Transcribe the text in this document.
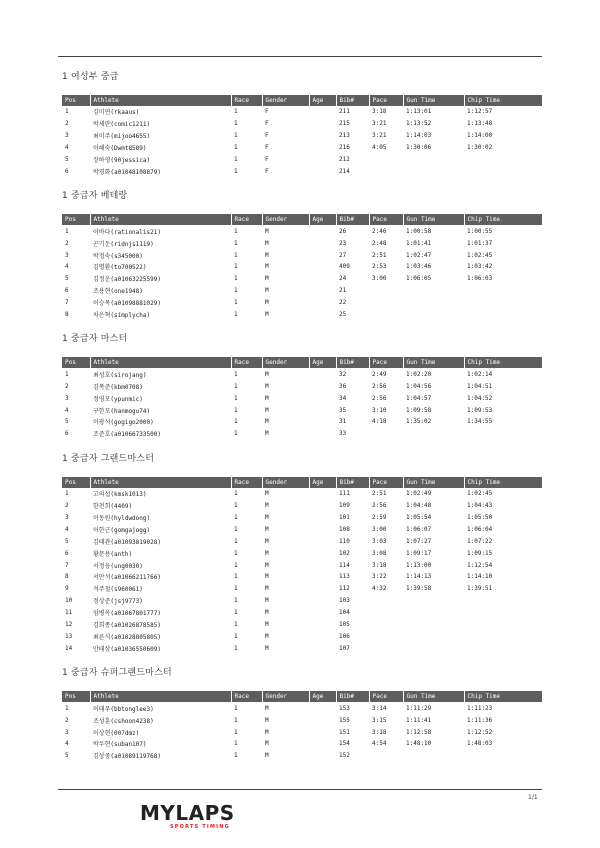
1 여성부 중급
Pos	Athlete	Race	Gender	Age	Bib#	Pace	Gun Time	Chip Time
1	김미연(rkaaus)	1	F		211	3:18	1:13:01	1:12:57
2	박세란(comic1211)	1	F		215	3:21	1:13:52	1:13:48
3	최미주(mijoo4655)	1	F		213	3:21	1:14:03	1:14:00
4	이혜숙(Dwmt8589)	1	F		216	4:05	1:30:06	1:30:02
5	장하영(90jessica)	1	F		212			
6	박경화(a01048108879)	1	F		214			
1 중급자 베테랑
Pos	Athlete	Race	Gender	Age	Bib#	Pace	Gun Time	Chip Time
1	이바다(rationalis21)	1	M		26	2:46	1:00:58	1:00:55
2	곤기둔(ridnjs1119)	1	M		23	2:48	1:01:41	1:01:37
3	박정숙(s345000)	1	M		27	2:51	1:02:47	1:02:45
4	김명환(to700522)	1	M		409	2:53	1:03:46	1:03:42
5	김정운(a01063225599)	1	M		24	3:00	1:06:05	1:06:03
6	조용현(one1948)	1	M		21			
7	이승목(a01098881029)	1	M		22			
8	차은혁(simplycha)	1	M		25			
1 중급자 마스터
Pos	Athlete	Race	Gender	Age	Bib#	Pace	Gun Time	Chip Time
1	최성호(sirojang)	1	M		32	2:49	1:02:20	1:02:14
2	김폭준(kbm0708)	1	M		36	2:56	1:04:56	1:04:51
3	정영모(ypunmic)	1	M		34	2:56	1:04:57	1:04:52
4	구한모(hanmogu74)	1	M		35	3:10	1:09:58	1:09:53
5	이광석(gogigo2000)	1	M		31	4:18	1:35:02	1:34:55
6	조준호(a01066733500)	1	M		33			
1 중급자 그랜드마스터
Pos	Athlete	Race	Gender	Age	Bib#	Pace	Gun Time	Chip Time
1	고의섭(kmsk1013)	1	M		111	2:51	1:02:49	1:02:45
2	한천희(4409)	1	M		109	2:56	1:04:48	1:04:43
3	이동원(hyldwdong)	1	M		101	2:59	1:05:54	1:05:50
4	이한근(gomgajogg)	1	M		108	3:00	1:06:07	1:06:04
5	김태관(a01093819028)	1	M		110	3:03	1:07:27	1:07:22
6	황문용(anth)	1	M		102	3:08	1:09:17	1:09:15
7	서정웅(ung0030)	1	M		114	3:18	1:13:00	1:12:54
8	서만석(a01066211766)	1	M		113	3:22	1:14:13	1:14:10
9	석주철(s960061)	1	M		112	4:32	1:39:58	1:39:51
10	정상준(jsj9773)	1	M		103			
11	임병옥(a01067801777)	1	M		104			
12	김희종(a01026878585)	1	M		105			
13	최른식(a01028805805)	1	M		106			
14	안태삼(a01036550609)	1	M		107			
1 중급자 슈퍼그랜드마스터
Pos	Athlete	Race	Gender	Age	Bib#	Pace	Gun Time	Chip Time
1	이태우(bbtonglee3)	1	M		153	3:14	1:11:29	1:11:23
2	조성훈(cshoon4238)	1	M		155	3:15	1:11:41	1:11:36
3	이상현(007dmz)	1	M		151	3:18	1:12:58	1:12:52
4	박두현(suban107)	1	M		154	4:54	1:48:10	1:48:03
5	김상중(a01089119768)	1	M		152			
1/1
MYLAPS
SPORTS TIMING
